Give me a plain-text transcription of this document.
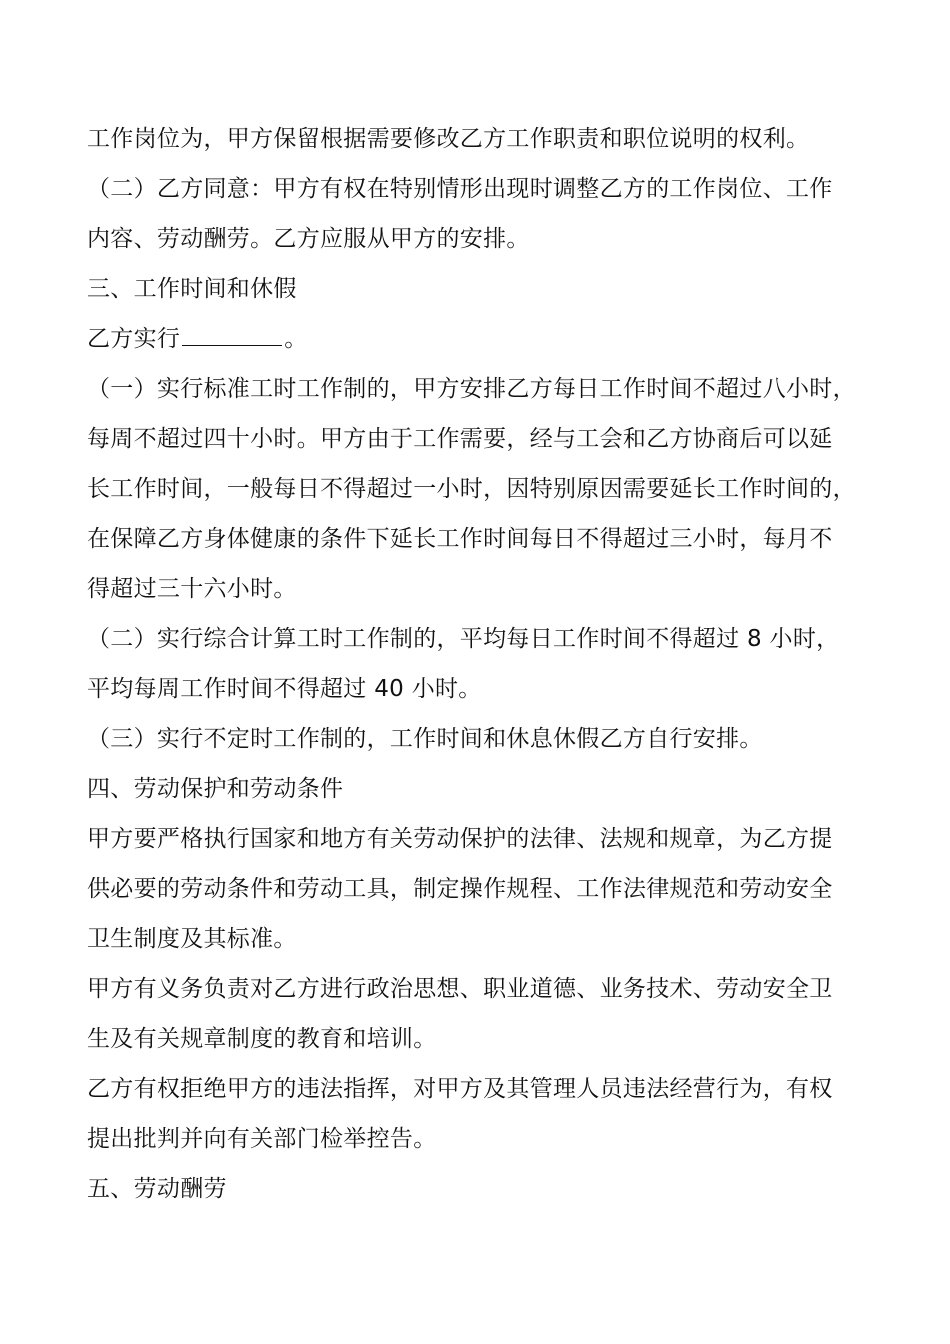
工作岗位为，甲方保留根据需要修改乙方工作职责和职位说明的权利。
（二）乙方同意：甲方有权在特别情形出现时调整乙方的工作岗位、工作
内容、劳动酬劳。乙方应服从甲方的安排。
三、工作时间和休假
乙方实行	。
（一）实行标准工时工作制的，甲方安排乙方每日工作时间不超过八小时，
每周不超过四十小时。甲方由于工作需要，经与工会和乙方协商后可以延
长工作时间，一般每日不得超过一小时，因特别原因需要延长工作时间的，
在保障乙方身体健康的条件下延长工作时间每日不得超过三小时，每月不
得超过三十六小时。
（二）实行综合计算工时工作制的，平均每日工作时间不得超过 8 小时，
平均每周工作时间不得超过 40 小时。
（三）实行不定时工作制的，工作时间和休息休假乙方自行安排。
四、劳动保护和劳动条件
甲方要严格执行国家和地方有关劳动保护的法律、法规和规章，为乙方提
供必要的劳动条件和劳动工具，制定操作规程、工作法律规范和劳动安全
卫生制度及其标准。
甲方有义务负责对乙方进行政治思想、职业道德、业务技术、劳动安全卫
生及有关规章制度的教育和培训。
乙方有权拒绝甲方的违法指挥，对甲方及其管理人员违法经营行为，有权
提出批判并向有关部门检举控告。
五、劳动酬劳
